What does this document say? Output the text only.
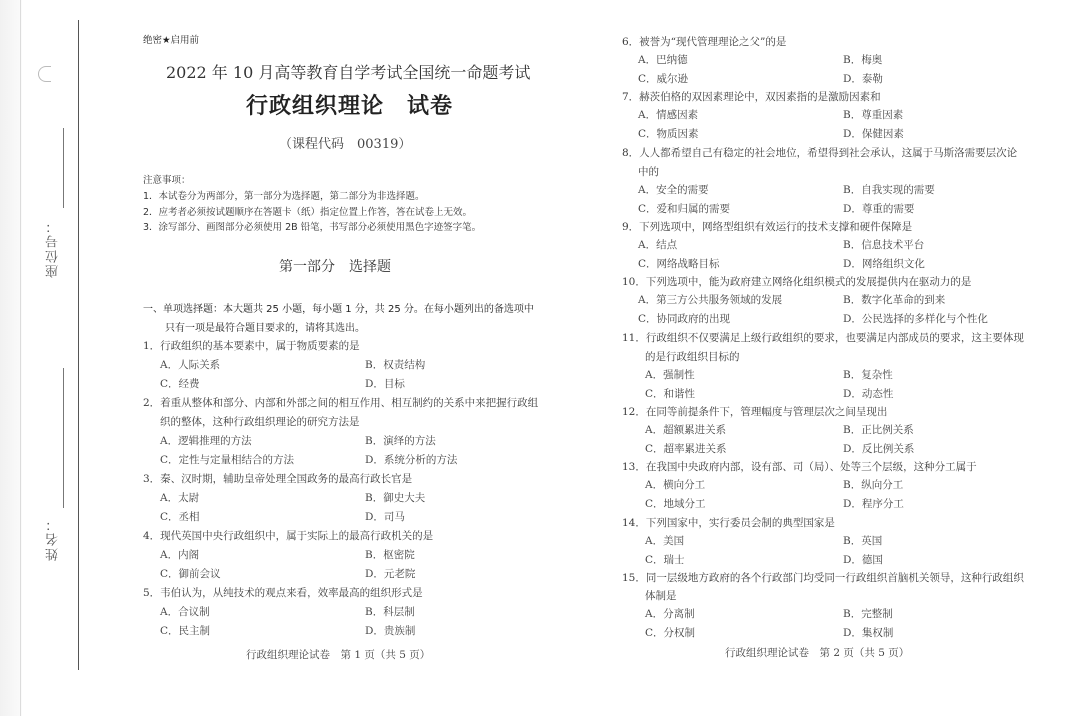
座位号：
姓名：
绝密★启用前
2022 年 10 月高等教育自学考试全国统一命题考试
行政组织理论　试卷
（课程代码　00319）
注意事项：
1．本试卷分为两部分，第一部分为选择题，第二部分为非选择题。
2．应考者必须按试题顺序在答题卡（纸）指定位置上作答，答在试卷上无效。
3．涂写部分、画图部分必须使用 2B 铅笔，书写部分必须使用黑色字迹签字笔。
第一部分　选择题
一、单项选择题：本大题共 25 小题，每小题 1 分，共 25 分。在每小题列出的备选项中
只有一项是最符合题目要求的，请将其选出。
1．行政组织的基本要素中，属于物质要素的是
A．人际关系	B．权责结构
C．经费	D．目标
2．着重从整体和部分、内部和外部之间的相互作用、相互制约的关系中来把握行政组
织的整体，这种行政组织理论的研究方法是
A．逻辑推理的方法	B．演绎的方法
C．定性与定量相结合的方法	D．系统分析的方法
3．秦、汉时期，辅助皇帝处理全国政务的最高行政长官是
A．太尉	B．御史大夫
C．丞相	D．司马
4．现代英国中央行政组织中，属于实际上的最高行政机关的是
A．内阁	B．枢密院
C．御前会议	D．元老院
5．韦伯认为，从纯技术的观点来看，效率最高的组织形式是
A．合议制	B．科层制
C．民主制	D．贵族制
行政组织理论试卷　第 1 页（共 5 页）
6．被誉为“现代管理理论之父”的是
A．巴纳德	B．梅奥
C．威尔逊	D．泰勒
7．赫茨伯格的双因素理论中，双因素指的是激励因素和
A．情感因素	B．尊重因素
C．物质因素	D．保健因素
8．人人都希望自己有稳定的社会地位，希望得到社会承认，这属于马斯洛需要层次论
中的
A．安全的需要	B．自我实现的需要
C．爱和归属的需要	D．尊重的需要
9．下列选项中，网络型组织有效运行的技术支撑和硬件保障是
A．结点	B．信息技术平台
C．网络战略目标	D．网络组织文化
10．下列选项中，能为政府建立网络化组织模式的发展提供内在驱动力的是
A．第三方公共服务领域的发展	B．数字化革命的到来
C．协同政府的出现	D．公民选择的多样化与个性化
11．行政组织不仅要满足上级行政组织的要求，也要满足内部成员的要求，这主要体现
的是行政组织目标的
A．强制性	B．复杂性
C．和谐性	D．动态性
12．在同等前提条件下，管理幅度与管理层次之间呈现出
A．超额累进关系	B．正比例关系
C．超率累进关系	D．反比例关系
13．在我国中央政府内部，设有部、司（局）、处等三个层级，这种分工属于
A．横向分工	B．纵向分工
C．地域分工	D．程序分工
14．下列国家中，实行委员会制的典型国家是
A．美国	B．英国
C．瑞士	D．德国
15．同一层级地方政府的各个行政部门均受同一行政组织首脑机关领导，这种行政组织
体制是
A．分离制	B．完整制
C．分权制	D．集权制
行政组织理论试卷　第 2 页（共 5 页）
